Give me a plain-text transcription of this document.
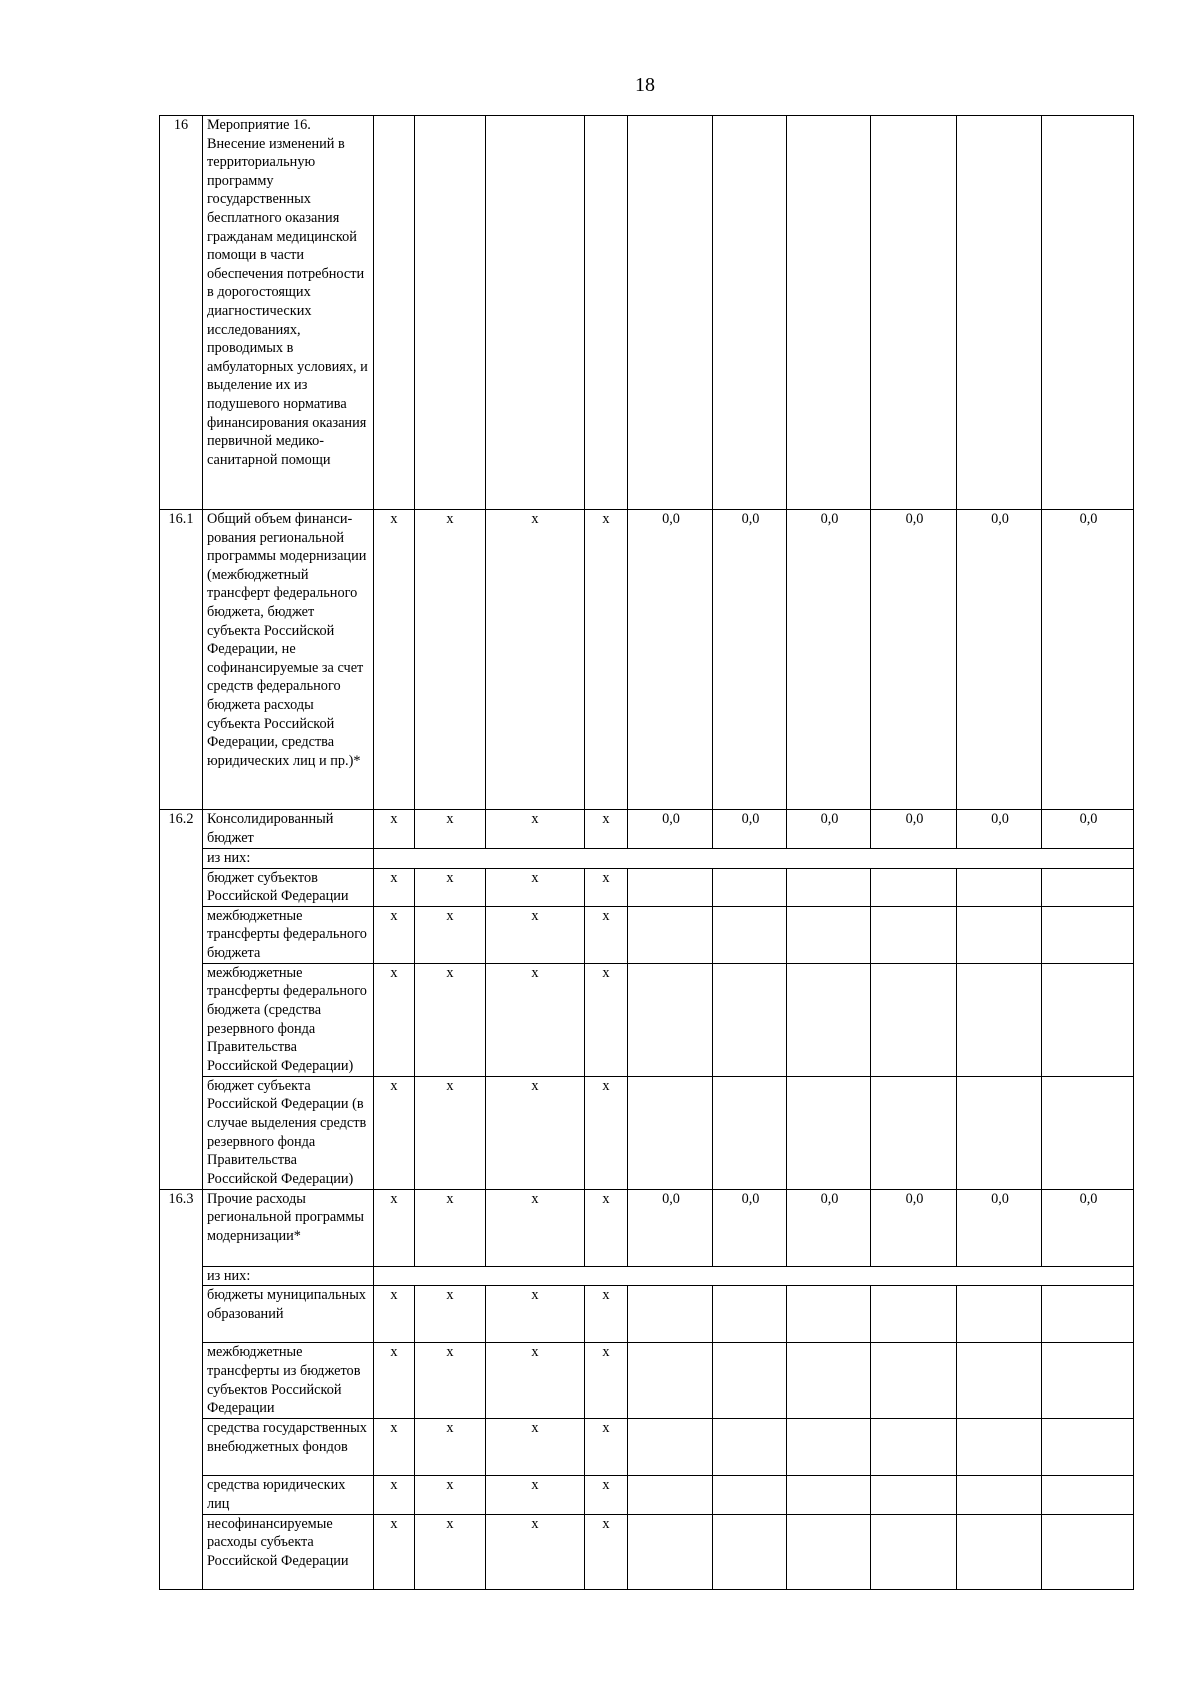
18
16	Мероприятие 16. Внесение изменений в территориальную программу государственных бесплатного оказания гражданам медицинской помощи в части обеспечения потребности в дорогостоящих диагностических исследованиях, проводимых в амбулаторных условиях, и выделение их из подушевого норматива финансирования оказания первичной медико-санитарной помощи										
16.1	Общий объем финансирования региональной программы модернизации (межбюджетный трансферт федерального бюджета, бюджет субъекта Российской Федерации, не софинансируемые за счет средств федерального бюджета расходы субъекта Российской Федерации, средства юридических лиц и пр.)*	х	х	х	х	0,0	0,0	0,0	0,0	0,0	0,0
16.2	Консолидированный бюджет	х	х	х	х	0,0	0,0	0,0	0,0	0,0	0,0
	из них:										
	бюджет субъектов Российской Федерации	х	х	х	х						
	межбюджетные трансферты федерального бюджета	х	х	х	х						
	межбюджетные трансферты федерального бюджета (средства резервного фонда Правительства Российской Федерации)	х	х	х	х						
	бюджет субъекта Российской Федерации (в случае выделения средств резервного фонда Правительства Российской Федерации)	х	х	х	х						
16.3	Прочие расходы региональной программы модернизации*	х	х	х	х	0,0	0,0	0,0	0,0	0,0	0,0
	из них:										
	бюджеты муниципальных образований	х	х	х	х						
	межбюджетные трансферты из бюджетов субъектов Российской Федерации	х	х	х	х						
	средства государственных внебюджетных фондов	х	х	х	х						
	средства юридических лиц	х	х	х	х						
	несофинансируемые расходы субъекта Российской Федерации	х	х	х	х						
